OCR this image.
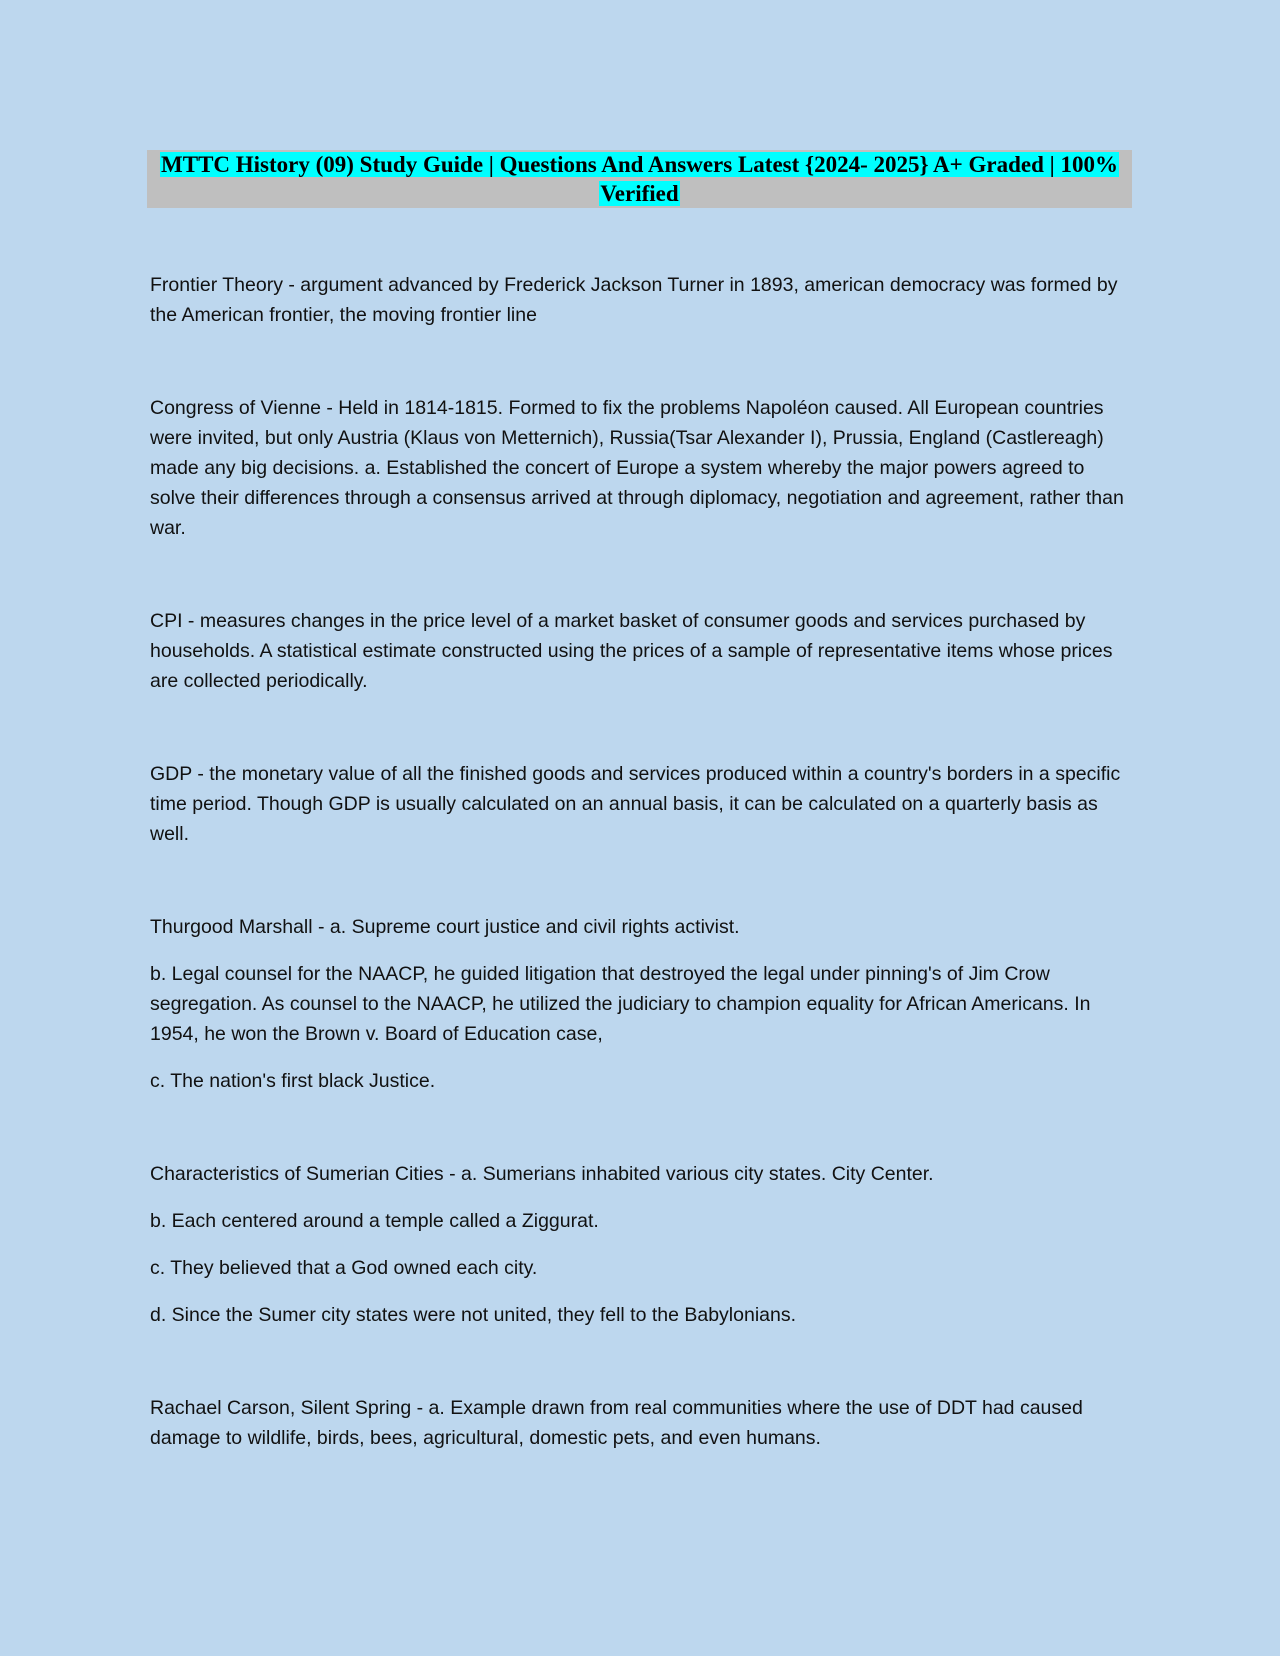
MTTC History (09) Study Guide | Questions And Answers Latest {2024- 2025} A+ Graded | 100% Verified

Frontier Theory - argument advanced by Frederick Jackson Turner in 1893, american democracy was formed by the American frontier, the moving frontier line

Congress of Vienne - Held in 1814-1815. Formed to fix the problems Napoléon caused. All European countries were invited, but only Austria (Klaus von Metternich), Russia(Tsar Alexander I), Prussia, England (Castlereagh) made any big decisions. a. Established the concert of Europe a system whereby the major powers agreed to solve their differences through a consensus arrived at through diplomacy, negotiation and agreement, rather than war.

CPI - measures changes in the price level of a market basket of consumer goods and services purchased by households. A statistical estimate constructed using the prices of a sample of representative items whose prices are collected periodically.

GDP - the monetary value of all the finished goods and services produced within a country's borders in a specific time period. Though GDP is usually calculated on an annual basis, it can be calculated on a quarterly basis as well.

Thurgood Marshall - a. Supreme court justice and civil rights activist.

b. Legal counsel for the NAACP, he guided litigation that destroyed the legal under pinning's of Jim Crow segregation. As counsel to the NAACP, he utilized the judiciary to champion equality for African Americans. In 1954, he won the Brown v. Board of Education case,

c. The nation's first black Justice.

Characteristics of Sumerian Cities - a. Sumerians inhabited various city states. City Center.

b. Each centered around a temple called a Ziggurat.

c. They believed that a God owned each city.

d. Since the Sumer city states were not united, they fell to the Babylonians.

Rachael Carson, Silent Spring - a. Example drawn from real communities where the use of DDT had caused damage to wildlife, birds, bees, agricultural, domestic pets, and even humans.
